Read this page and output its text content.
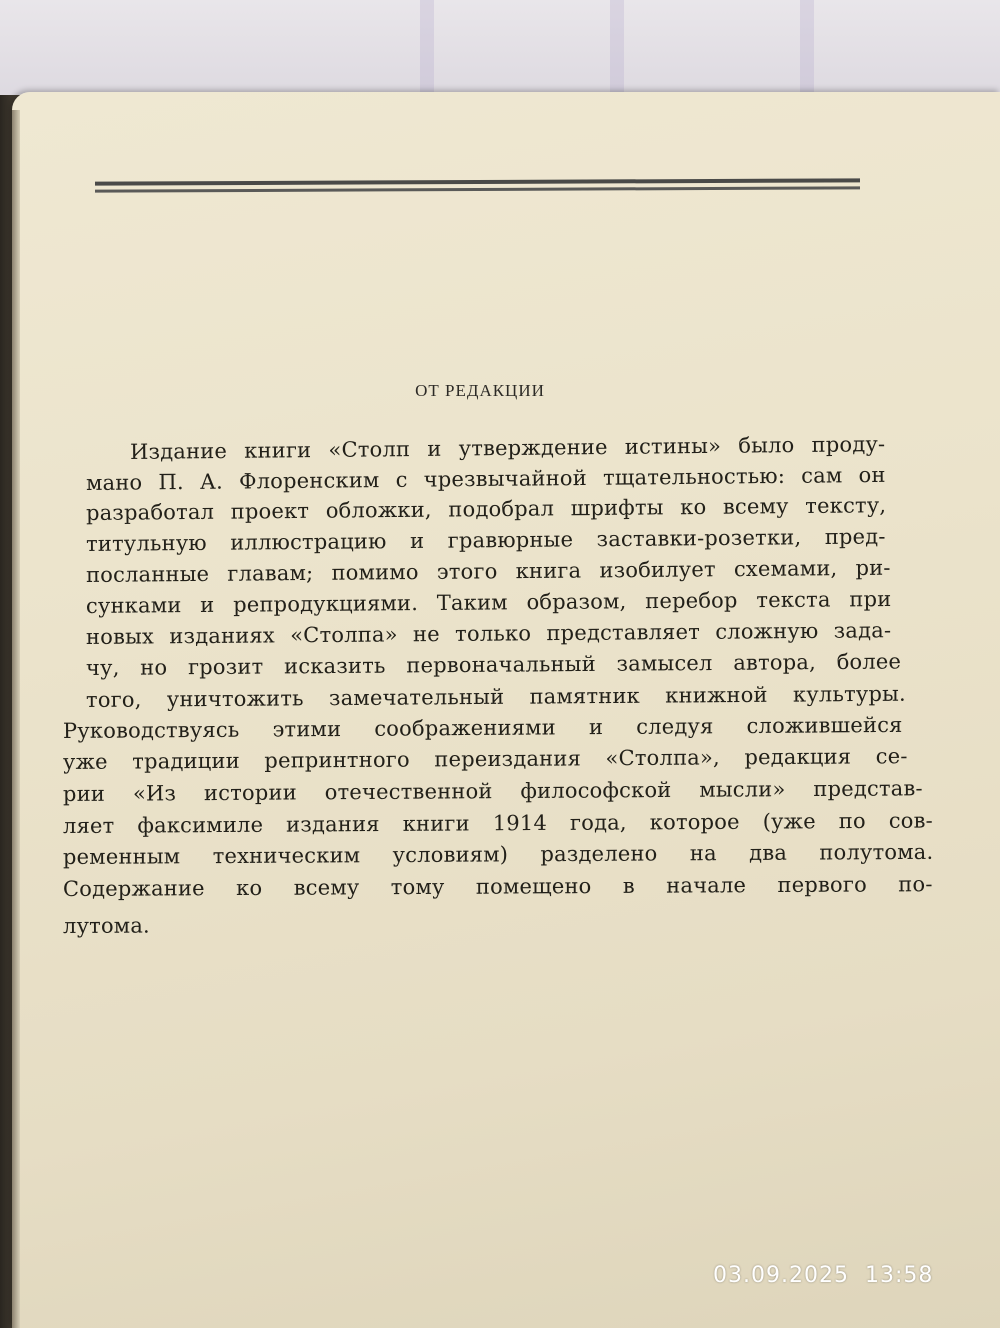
ОТ РЕДАКЦИИ
Издание книги «Столп и утверждение истины» было проду-
мано П. А. Флоренским с чрезвычайной тщательностью: сам он
разработал проект обложки, подобрал шрифты ко всему тексту,
титульную иллюстрацию и гравюрные заставки-розетки, пред-
посланные главам; помимо этого книга изобилует схемами, ри-
сунками и репродукциями. Таким образом, перебор текста при
новых изданиях «Столпа» не только представляет сложную зада-
чу, но грозит исказить первоначальный замысел автора, более
того, уничтожить замечательный памятник книжной культуры.
Руководствуясь этими соображениями и следуя сложившейся
уже традиции репринтного переиздания «Столпа», редакция се-
рии «Из истории отечественной философской мысли» представ-
ляет факсимиле издания книги 1914 года, которое (уже по сов-
ременным техническим условиям) разделено на два полутома.
Содержание ко всему тому помещено в начале первого по-
лутома.
03.09.2025  13:58
